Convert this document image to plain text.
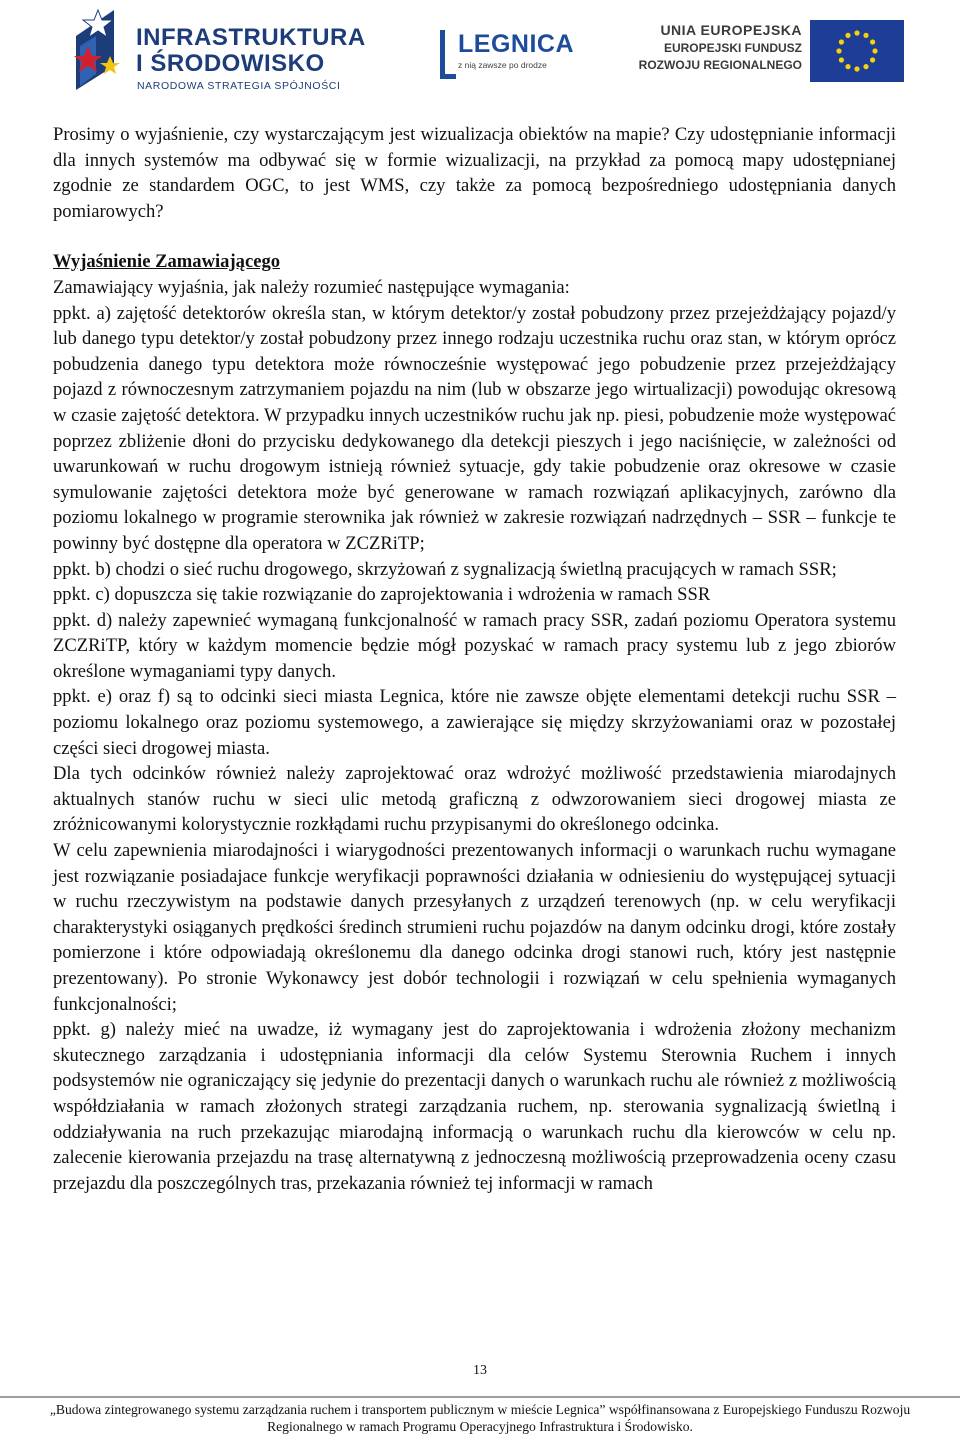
INFRASTRUKTURA
I ŚRODOWISKO
NARODOWA STRATEGIA SPÓJNOŚCI
LEGNICA
z nią zawsze po drodze
UNIA EUROPEJSKA
EUROPEJSKI FUNDUSZ
ROZWOJU REGIONALNEGO

Prosimy o wyjaśnienie, czy wystarczającym jest wizualizacja obiektów na mapie? Czy udostępnianie informacji dla innych systemów ma odbywać się w formie wizualizacji, na przykład za pomocą mapy udostępnianej zgodnie ze standardem OGC, to jest WMS, czy także za pomocą bezpośredniego udostępniania danych pomiarowych?

Wyjaśnienie Zamawiającego

Zamawiający wyjaśnia, jak należy rozumieć następujące wymagania:

ppkt. a) zajętość detektorów określa stan, w którym detektor/y został pobudzony przez przejeżdżający pojazd/y lub danego typu detektor/y został pobudzony przez innego rodzaju uczestnika ruchu oraz stan, w którym oprócz pobudzenia danego typu detektora może równocześnie występować jego pobudzenie przez przejeżdżający pojazd z równoczesnym zatrzymaniem pojazdu na nim (lub w obszarze jego wirtualizacji) powodując okresową w czasie zajętość detektora. W przypadku innych uczestników ruchu jak np. piesi, pobudzenie może występować poprzez zbliżenie dłoni do przycisku dedykowanego dla detekcji pieszych i jego naciśnięcie, w zależności od uwarunkowań w ruchu drogowym istnieją również sytuacje, gdy takie pobudzenie oraz okresowe w czasie symulowanie zajętości detektora może być generowane w ramach rozwiązań aplikacyjnych, zarówno dla poziomu lokalnego w programie sterownika jak również w zakresie rozwiązań nadrzędnych – SSR – funkcje te powinny być dostępne dla operatora w ZCZRiTP;

ppkt. b) chodzi o sieć ruchu drogowego, skrzyżowań z sygnalizacją świetlną pracujących w ramach SSR;

ppkt. c) dopuszcza się takie rozwiązanie do zaprojektowania i wdrożenia w ramach SSR

ppkt. d) należy zapewnieć wymaganą funkcjonalność w ramach pracy SSR, zadań poziomu Operatora systemu ZCZRiTP, który w każdym momencie będzie mógł pozyskać w ramach pracy systemu lub z jego zbiorów określone wymaganiami typy danych.

ppkt. e) oraz f) są to odcinki sieci miasta Legnica, które nie zawsze objęte elementami detekcji ruchu SSR – poziomu lokalnego oraz poziomu systemowego, a zawierające się między skrzyżowaniami oraz w pozostałej części sieci drogowej miasta.

Dla tych odcinków również należy zaprojektować oraz wdrożyć możliwość przedstawienia miarodajnych aktualnych stanów ruchu w sieci ulic metodą graficzną z odwzorowaniem sieci drogowej miasta ze zróżnicowanymi kolorystycznie rozkłądami ruchu przypisanymi do określonego odcinka.

W celu zapewnienia miarodajności i wiarygodności prezentowanych informacji o warunkach ruchu wymagane jest rozwiązanie posiadajace funkcje weryfikacji poprawności działania w odniesieniu do występującej sytuacji w ruchu rzeczywistym na podstawie danych przesyłanych z urządzeń terenowych (np. w celu weryfikacji charakterystyki osiąganych prędkości średinch strumieni ruchu pojazdów na danym odcinku drogi, które zostały pomierzone i które odpowiadają określonemu dla danego odcinka drogi stanowi ruch, który jest następnie prezentowany). Po stronie Wykonawcy jest dobór technologii i rozwiązań w celu spełnienia wymaganych funkcjonalności;

ppkt. g) należy mieć na uwadze, iż wymagany jest do zaprojektowania i wdrożenia złożony mechanizm skutecznego zarządzania i udostępniania informacji dla celów Systemu Sterownia Ruchem i innych podsystemów nie ograniczający się jedynie do prezentacji danych o warunkach ruchu ale również z możliwością współdziałania w ramach złożonych strategi zarządzania ruchem, np. sterowania sygnalizacją świetlną i oddziaływania na ruch przekazując miarodajną informacją o warunkach ruchu dla kierowców w celu np. zalecenie kierowania przejazdu na trasę alternatywną z jednoczesną możliwością przeprowadzenia oceny czasu przejazdu dla poszczególnych tras, przekazania również tej informacji w ramach

13
„Budowa zintegrowanego systemu zarządzania ruchem i transportem publicznym w mieście Legnica” współfinansowana z Europejskiego Funduszu Rozwoju
Regionalnego w ramach Programu Operacyjnego Infrastruktura i Środowisko.
